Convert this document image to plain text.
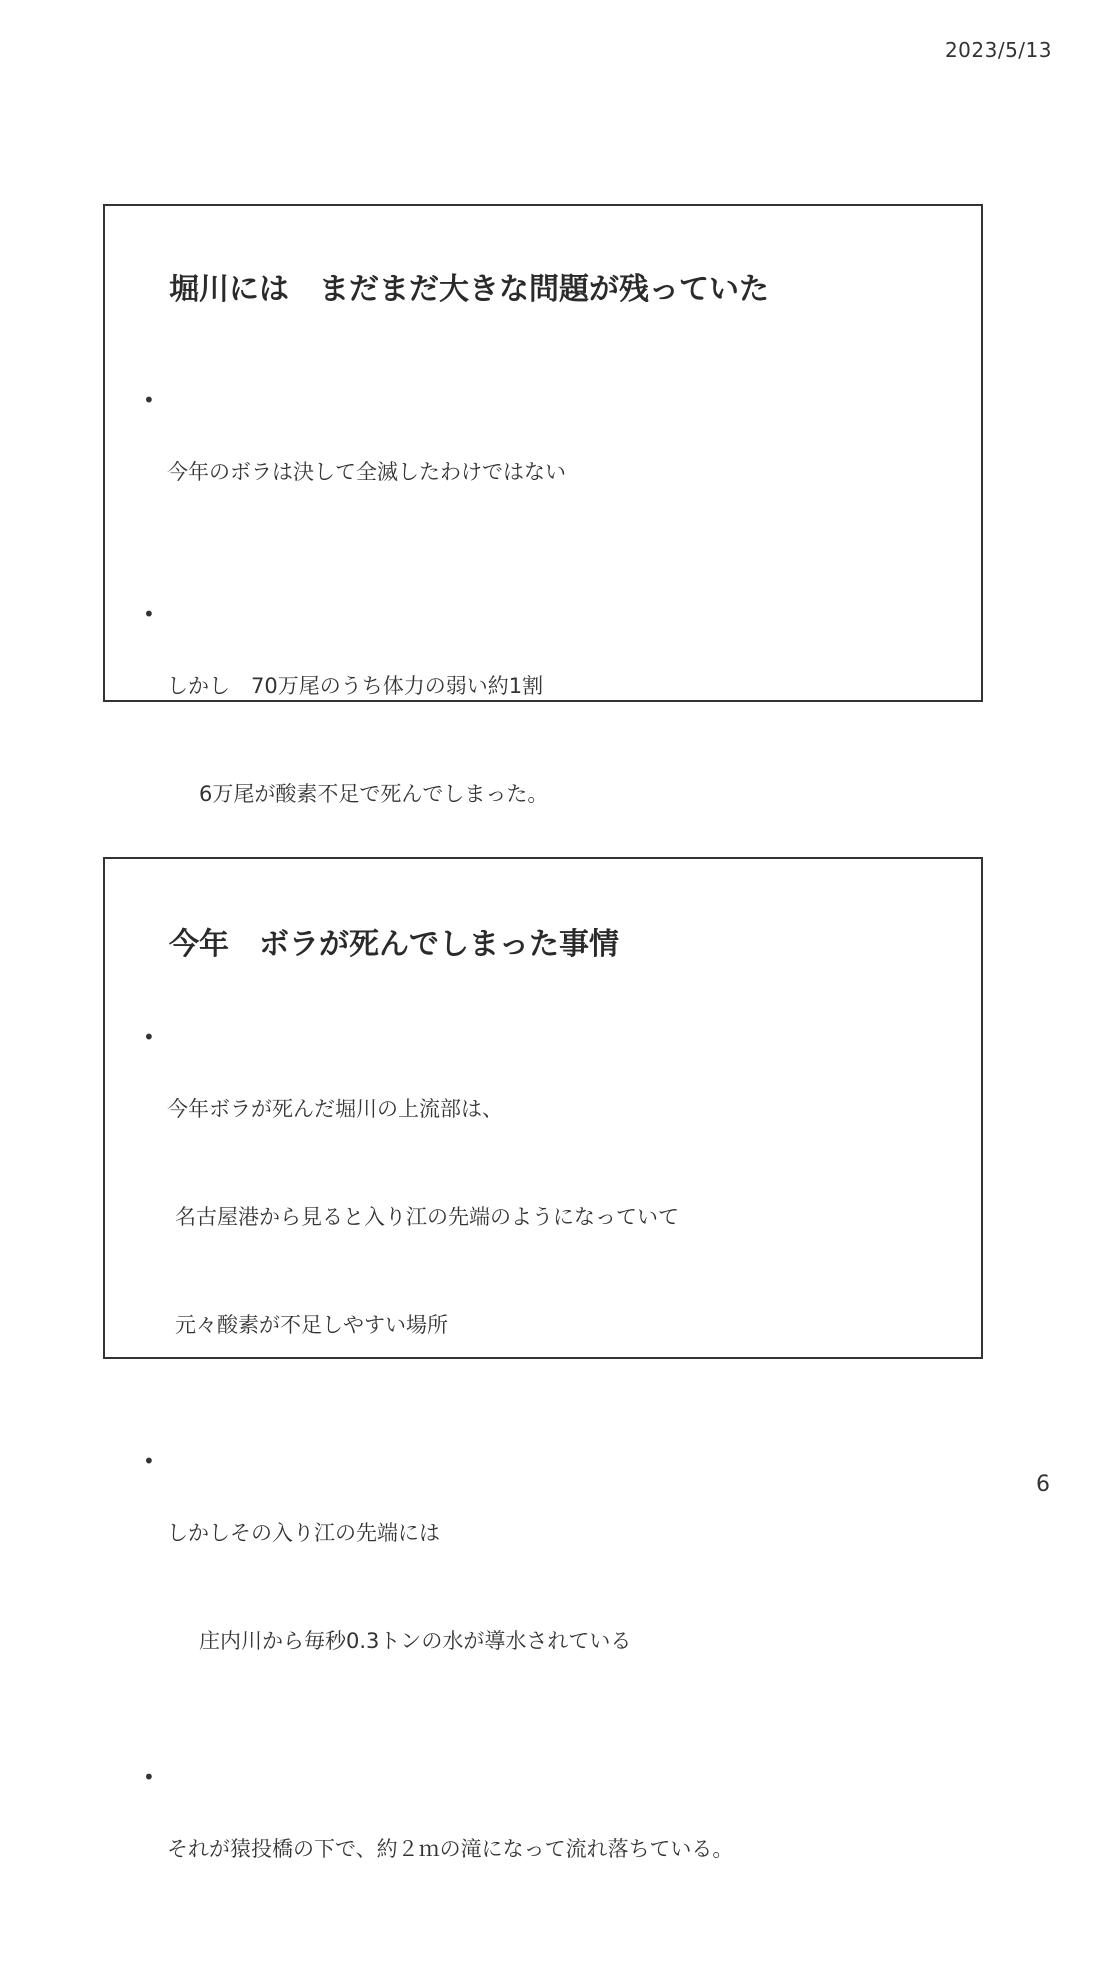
2023/5/13
堀川には　まだまだ大きな問題が残っていた

• 今年のボラは決して全滅したわけではない

• しかし　70万尾のうち体力の弱い約1割

6万尾が酸素不足で死んでしまった。

今年　ボラが死んでしまった事情

• 今年ボラが死んだ堀川の上流部は、

名古屋港から見ると入り江の先端のようになっていて

元々酸素が不足しやすい場所

• しかしその入り江の先端には

庄内川から毎秒0.3トンの水が導水されている

• それが猿投橋の下で、約２ｍの滝になって流れ落ちている。

6
